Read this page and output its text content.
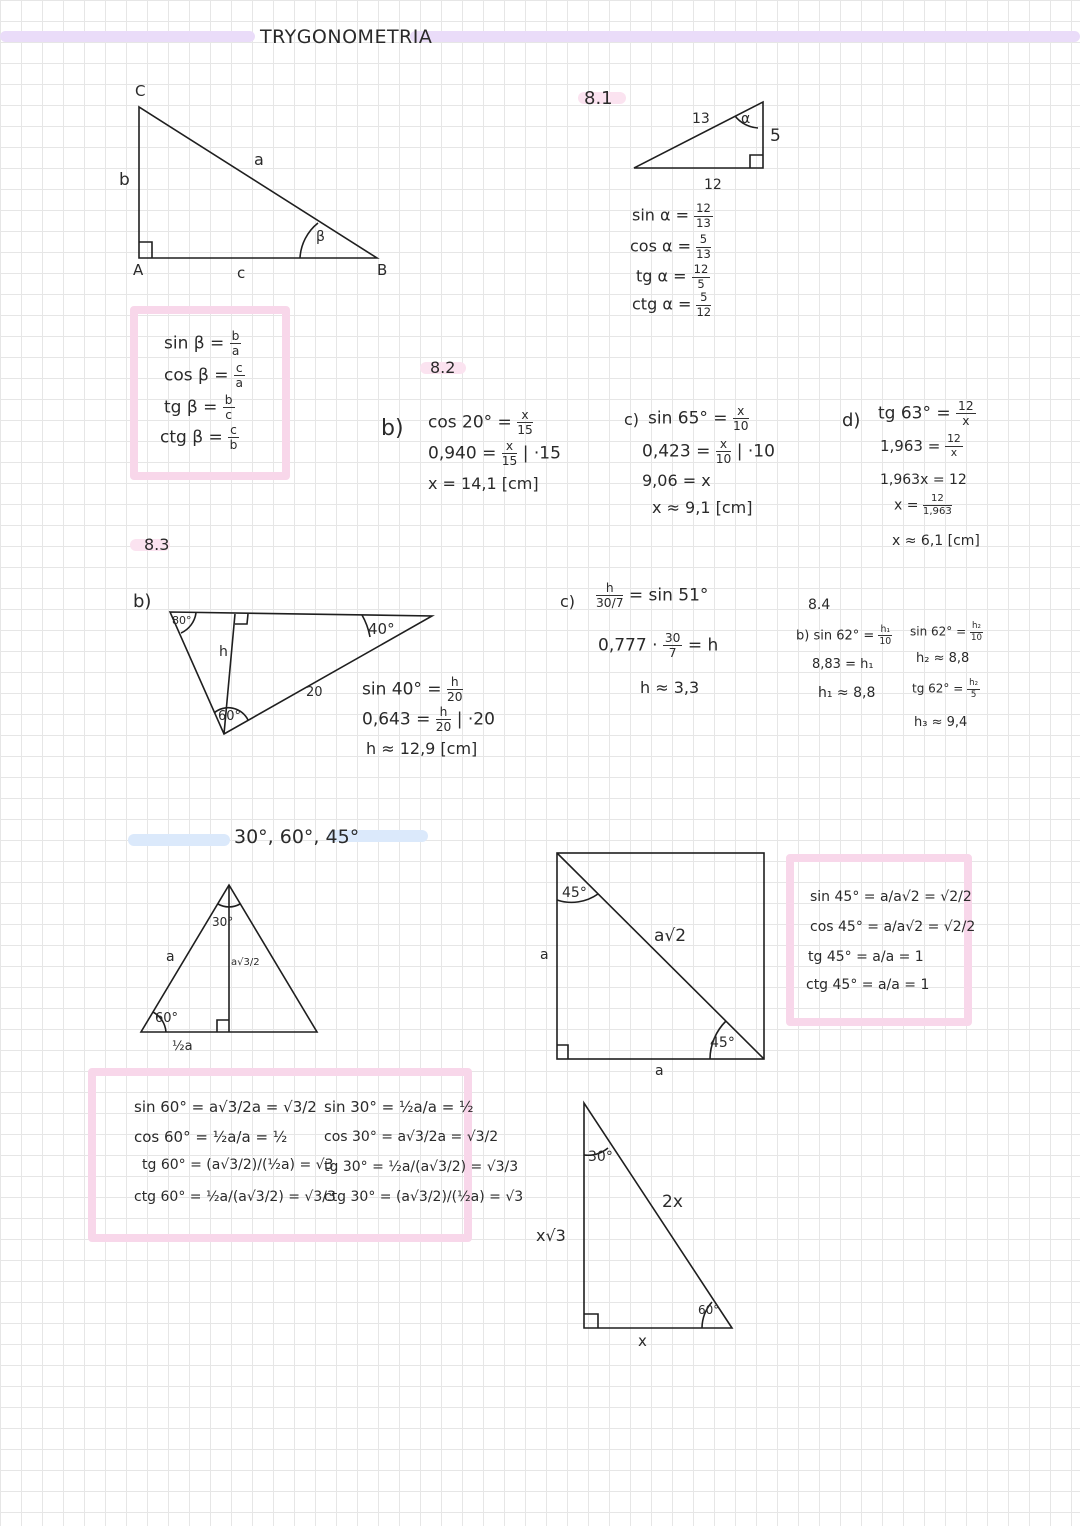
TRYGONOMETRIA
C
A	B
b
a
c
β
$\sin \beta = \frac{b}{a}$
$\cos \beta = \frac{c}{a}$
tg $\beta = \frac{b}{c}$
ctg $\beta = \frac{c}{b}$
8.1
13
5
12
α
$\sin \alpha = \frac{12}{13}$
$\cos \alpha = \frac{5}{13}$
tg $\alpha = \frac{12}{5}$
ctg $\alpha = \frac{5}{12}$
8.2
b) $\cos 20^\circ = \frac{x}{15}$
$0,940 = \frac{x}{15}$ | ·15
x = 14,1 [cm]
c) $\sin 65^\circ = \frac{x}{10}$
$0,423 = \frac{x}{10}$ | ·10
9,06 = x
x ≈ 9,1 [cm]
d) tg $63^\circ = \frac{12}{x}$
$1,963 = \frac{12}{x}$
1,963x = 12
$x = \frac{12}{1,963}$
x ≈ 6,1 [cm]
8.3
b)
80°	40°
60°
h
20 $\sin 40^\circ = \frac{h}{20}$
$0,643 = \frac{h}{20}$ | ·20
h ≈ 12,9 [cm]
$c) \frac{h}{30/7} = \sin 51^\circ$
$0,777 \cdot \frac{30}{7} = h$
h ≈ 3,3
8.4
b) $\sin 62^\circ = \frac{\text{h₁}}{10}$
8,83 = h₁
h₁ ≈ 8,8
$\sin 62^\circ = \frac{\text{h₂}}{10}$
h₂ ≈ 8,8
tg $62^\circ = \frac{\text{h₂}}{5}$
h₃ ≈ 9,4
30°, 60°, 45°
a
30°
a√3/2
60°
½a
sin 60° = a√3/2a = √3/2
cos 60° = ½a/a = ½
tg 60° = (a√3/2)/(½a) = √3
ctg 60° = ½a/(a√3/2) = √3/3
sin 30° = ½a/a = ½
cos 30° = a√3/2a = √3/2
tg 30° = ½a/(a√3/2) = √3/3
ctg 30° = (a√3/2)/(½a) = √3
45°
a√2
45°
a
a
sin 45° = a/a√2 = √2/2
cos 45° = a/a√2 = √2/2
tg 45° = a/a = 1
ctg 45° = a/a = 1
30°
2x
x√3
x
60°
